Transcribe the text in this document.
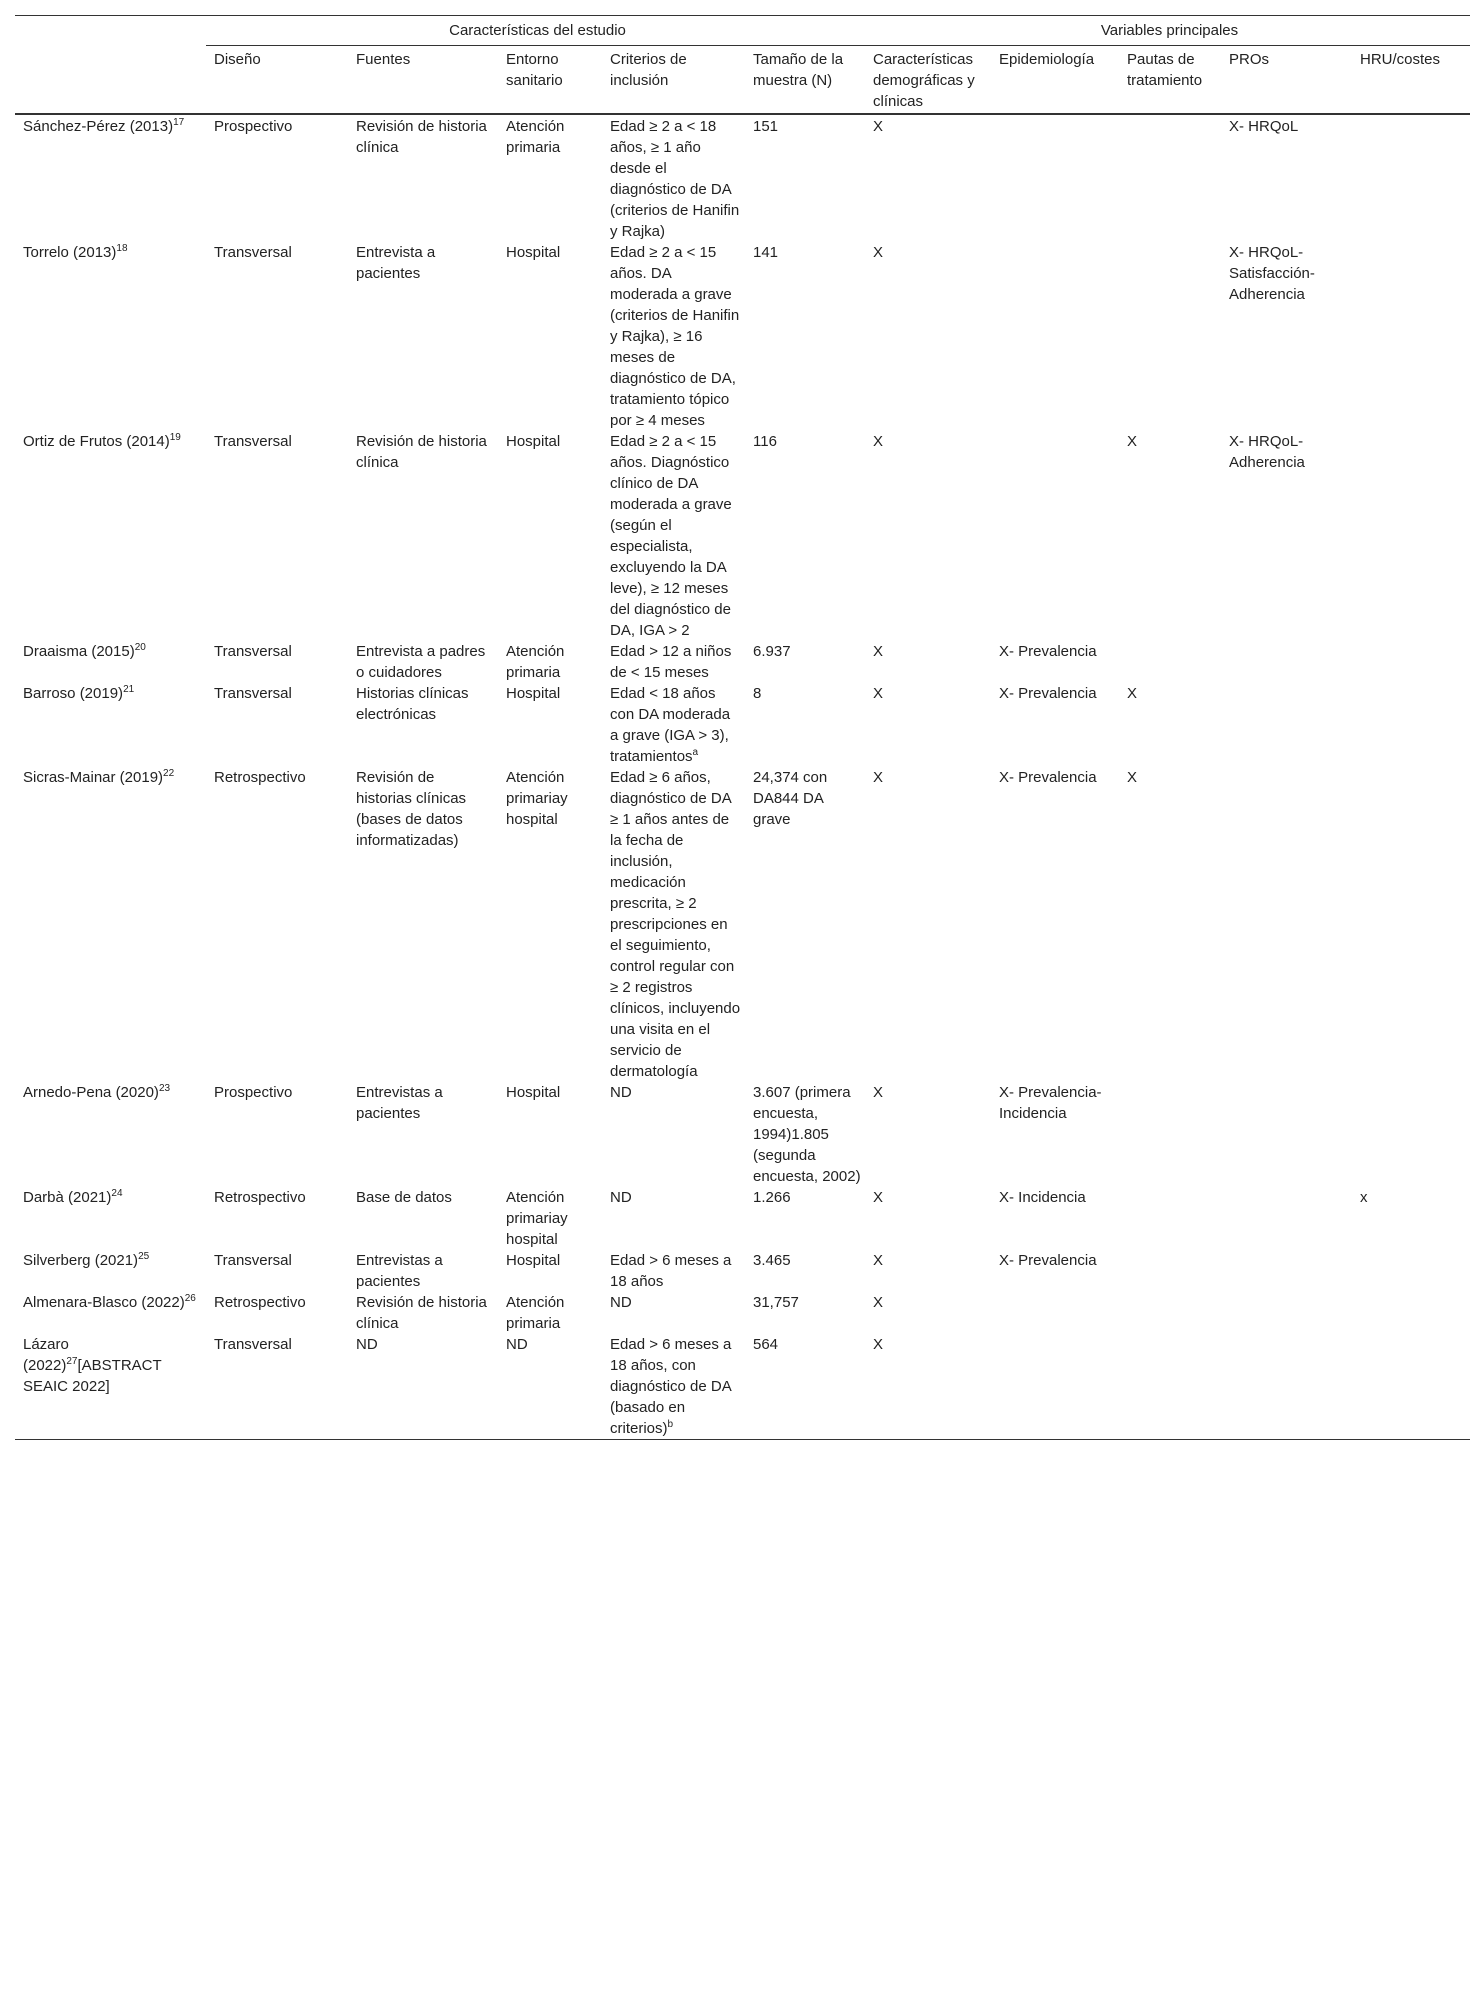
	Características del estudio					Variables principales				
	Diseño	Fuentes	Entorno sanitario	Criterios de inclusión	Tamaño de la muestra (N)	Características demográficas y clínicas	Epidemiología	Pautas de tratamiento	PROs	HRU/costes
Sánchez-Pérez $(2013)^{17}$	Prospectivo	Revisión de historia clínica	Atención primaria	Edad ≥ 2 a < 18 años, ≥ 1 año desde el diagnóstico de DA (criterios de Hanifin y Rajka)	151	X			X- HRQoL	
Torrelo $(2013)^{18}$	Transversal	Entrevista a pacientes	Hospital	Edad ≥ 2 a < 15 años. DA moderada a grave (criterios de Hanifin y Rajka), ≥ 16 meses de diagnóstico de DA, tratamiento tópico por ≥ 4 meses	141	X			X- HRQoL- Satisfacción- Adherencia	
Ortiz de Frutos $(2014)^{19}$	Transversal	Revisión de historia clínica	Hospital	Edad ≥ 2 a < 15 años. Diagnóstico clínico de DA moderada a grave (según el especialista, excluyendo la DA leve), ≥ 12 meses del diagnóstico de DA, IGA > 2	116	X		X	X- HRQoL- Adherencia	
Draaisma $(2015)^{20}$	Transversal	Entrevista a padres o cuidadores	Atención primaria	Edad > 12 a niños de < 15 meses	6.937	X	X- Prevalencia			
Barroso $(2019)^{21}$	Transversal	Historias clínicas electrónicas	Hospital	Edad < 18 años con DA moderada a grave (IGA > 3), tratamientos$^a$	8	X	X- Prevalencia	X		
Sicras-Mainar $(2019)^{22}$	Retrospectivo	Revisión de historias clínicas (bases de datos informatizadas)	Atención primariay hospital	Edad ≥ 6 años, diagnóstico de DA ≥ 1 años antes de la fecha de inclusión, medicación prescrita, ≥ 2 prescripciones en el seguimiento, control regular con ≥ 2 registros clínicos, incluyendo una visita en el servicio de dermatología	24,374 con DA844 DA grave	X	X- Prevalencia	X		
Arnedo-Pena $(2020)^{23}$	Prospectivo	Entrevistas a pacientes	Hospital	ND	3.607 (primera encuesta, 1994)1.805 (segunda encuesta, 2002)	X	X- Prevalencia- Incidencia			
Darbà $(2021)^{24}$	Retrospectivo	Base de datos	Atención primariay hospital	ND	1.266	X	X- Incidencia			x
Silverberg $(2021)^{25}$	Transversal	Entrevistas a pacientes	Hospital	Edad > 6 meses a 18 años	3.465	X	X- Prevalencia			
Almenara-Blasco $(2022)^{26}$	Retrospectivo	Revisión de historia clínica	Atención primaria	ND	31,757	X				
Lázaro $(2022)^{27}[ABSTRACT$ SEAIC 2022]	Transversal	ND	ND	Edad > 6 meses a 18 años, con diagnóstico de DA (basado en criterios)$^b$	564	X				
